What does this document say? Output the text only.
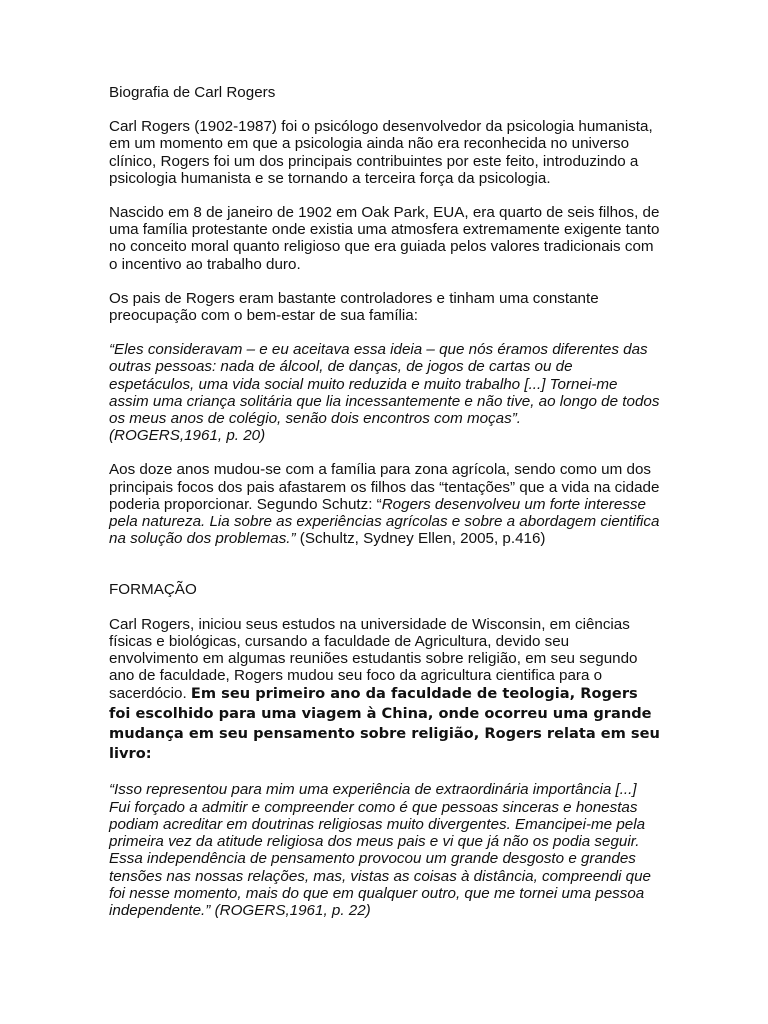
Biografia de Carl Rogers

Carl Rogers (1902-1987) foi o psicólogo desenvolvedor da psicologia humanista, em um momento em que a psicologia ainda não era reconhecida no universo clínico, Rogers foi um dos principais contribuintes por este feito, introduzindo a psicologia humanista e se tornando a terceira força da psicologia.

Nascido em 8 de janeiro de 1902 em Oak Park, EUA, era quarto de seis filhos, de uma família protestante onde existia uma atmosfera extremamente exigente tanto no conceito moral quanto religioso que era guiada pelos valores tradicionais com o incentivo ao trabalho duro.

Os pais de Rogers eram bastante controladores e tinham uma constante preocupação com o bem-estar de sua família:

“Eles consideravam – e eu aceitava essa ideia – que nós éramos diferentes das outras pessoas: nada de álcool, de danças, de jogos de cartas ou de espetáculos, uma vida social muito reduzida e muito trabalho [...] Tornei-me assim uma criança solitária que lia incessantemente e não tive, ao longo de todos os meus anos de colégio, senão dois encontros com moças”.
(ROGERS,1961, p. 20)

Aos doze anos mudou-se com a família para zona agrícola, sendo como um dos principais focos dos pais afastarem os filhos das “tentações” que a vida na cidade poderia proporcionar. Segundo Schutz: “Rogers desenvolveu um forte interesse pela natureza. Lia sobre as experiências agrícolas e sobre a abordagem cientifica na solução dos problemas.” (Schultz, Sydney Ellen, 2005, p.416)

FORMAÇÃO

Carl Rogers, iniciou seus estudos na universidade de Wisconsin, em ciências físicas e biológicas, cursando a faculdade de Agricultura, devido seu envolvimento em algumas reuniões estudantis sobre religião, em seu segundo ano de faculdade, Rogers mudou seu foco da agricultura cientifica para o sacerdócio. Em seu primeiro ano da faculdade de teologia, Rogers foi escolhido para uma viagem à China, onde ocorreu uma grande mudança em seu pensamento sobre religião, Rogers relata em seu livro:

“Isso representou para mim uma experiência de extraordinária importância [...] Fui forçado a admitir e compreender como é que pessoas sinceras e honestas podiam acreditar em doutrinas religiosas muito divergentes. Emancipei-me pela primeira vez da atitude religiosa dos meus pais e vi que já não os podia seguir. Essa independência de pensamento provocou um grande desgosto e grandes tensões nas nossas relações, mas, vistas as coisas à distância, compreendi que foi nesse momento, mais do que em qualquer outro, que me tornei uma pessoa independente.” (ROGERS,1961, p. 22)
